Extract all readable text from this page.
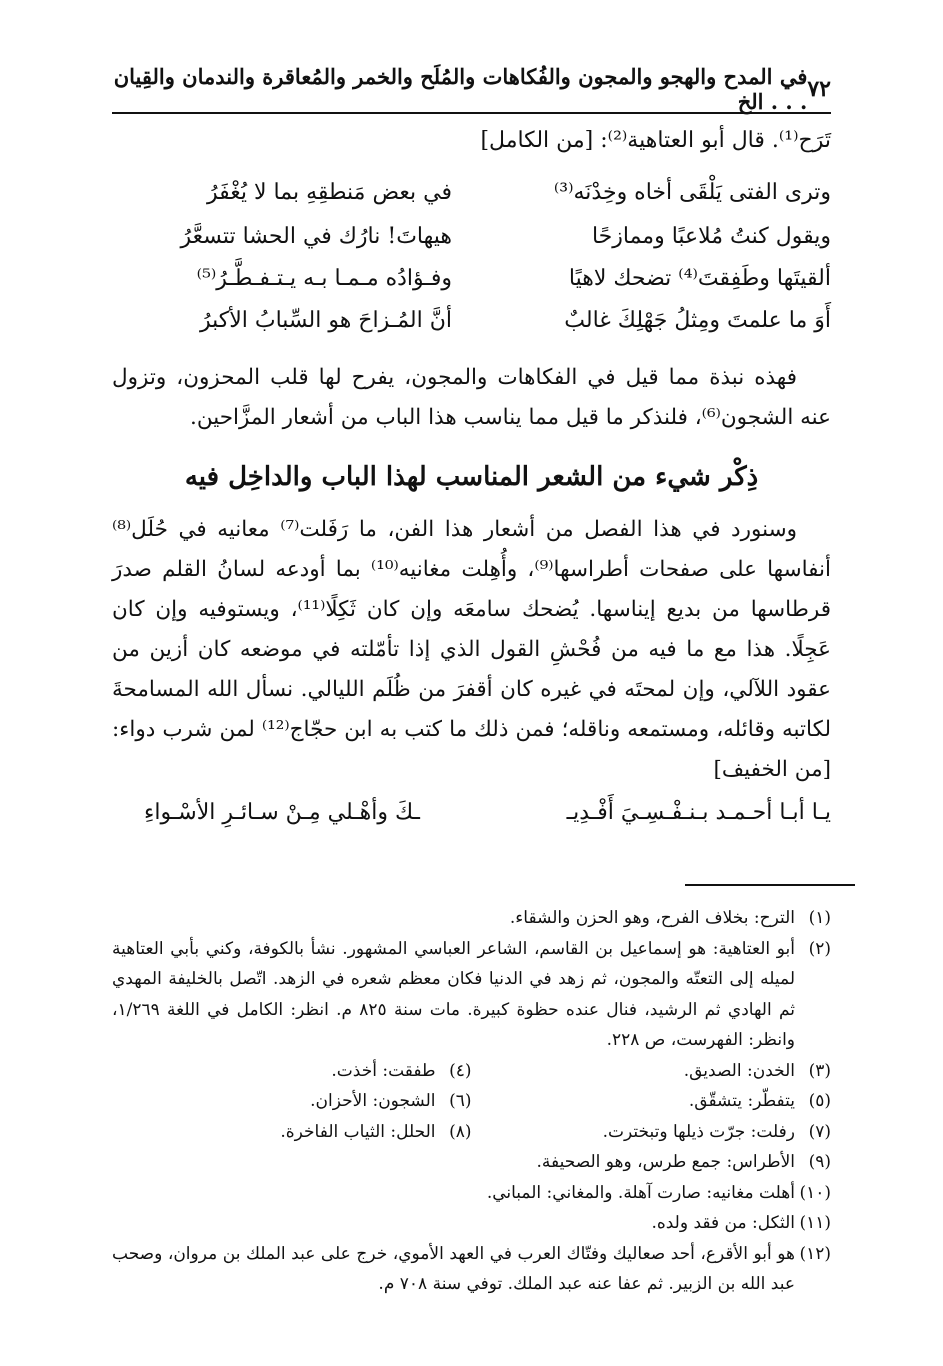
٧٢
في المدح والهجو والمجون والفُكاهات والمُلَح والخمر والمُعاقرة والندمان والقِيان . . . الخ
تَرَح⁽¹⁾. قال أبو العتاهية⁽²⁾: [من الكامل]
وترى الفتى يَلْقَى أخاه وخِدْنَه⁽³⁾
في بعض مَنطقِهِ بما لا يُغْفَرُ
ويقول كنتُ مُلاعبًا وممازحًا
هيهاتَ! نارُك في الحشا تتسعَّرُ
ألقيتَها وطَفِقتَ⁽⁴⁾ تضحك لاهيًا
وفـؤادُه مـمـا بـه يـتـفـطَّـرُ⁽⁵⁾
أَوَ ما علمتَ ومِثلُ جَهْلِكَ غالبٌ
أنَّ المُـزاحَ هو السِّبابُ الأكبرُ
فهذه نبذة مما قيل في الفكاهات والمجون، يفرح لها قلب المحزون، وتزول عنه الشجون⁽⁶⁾، فلنذكر ما قيل مما يناسب هذا الباب من أشعار المزَّاحين.
ذِكْر شيء من الشعر المناسب لهذا الباب والداخِل فيه
وسنورد في هذا الفصل من أشعار هذا الفن، ما رَفَلت⁽⁷⁾ معانيه في حُلَل⁽⁸⁾ أنفاسها على صفحات أطراسها⁽⁹⁾، وأُهِلت مغانيه⁽¹⁰⁾ بما أودعه لسانُ القلم صدرَ قرطاسها من بديع إيناسها. يُضحك سامعَه وإن كان ثَكِلًا⁽¹¹⁾، ويستوفيه وإن كان عَجِلًا. هذا مع ما فيه من فُحْشِ القول الذي إذا تأمّلته في موضعه كان أزين من عقود اللآلي، وإن لمحتَه في غيره كان أقفرَ من ظُلَم الليالي. نسأل الله المسامحةَ لكاتبه وقائله، ومستمعه وناقله؛ فمن ذلك ما كتب به ابن حجّاج⁽¹²⁾ لمن شرب دواء: [من الخفيف]
يـا أبـا أحـمـد بـنـفْـسِـيَ أَفْـدِيـ
ـكَ وأهْـلي مِـنْ سـائـرِ الأسْـواءِ
(١)
الترح: بخلاف الفرح، وهو الحزن والشقاء.
(٢)
أبو العتاهية: هو إسماعيل بن القاسم، الشاعر العباسي المشهور. نشأ بالكوفة، وكني بأبي العتاهية لميله إلى التعتّه والمجون، ثم زهد في الدنيا فكان معظم شعره في الزهد. اتّصل بالخليفة المهدي ثم الهادي ثم الرشيد، فنال عنده حظوة كبيرة. مات سنة ٨٢٥ م. انظر: الكامل في اللغة ١/٢٦٩، وانظر: الفهرست، ص ٢٢٨.
(٣)
الخدن: الصديق.
(٤)
طفقت: أخذت.
(٥)
يتفطّر: يتشقّق.
(٦)
الشجون: الأحزان.
(٧)
رفلت: جرّت ذيلها وتبخترت.
(٨)
الحلل: الثياب الفاخرة.
(٩)
الأطراس: جمع طرس، وهو الصحيفة.
(١٠)
أهلت مغانيه: صارت آهلة. والمغاني: المباني.
(١١)
الثكل: من فقد ولده.
(١٢)
هو أبو الأقرع، أحد صعاليك وفتّاك العرب في العهد الأموي، خرج على عبد الملك بن مروان، وصحب عبد الله بن الزبير. ثم عفا عنه عبد الملك. توفي سنة ٧٠٨ م.
